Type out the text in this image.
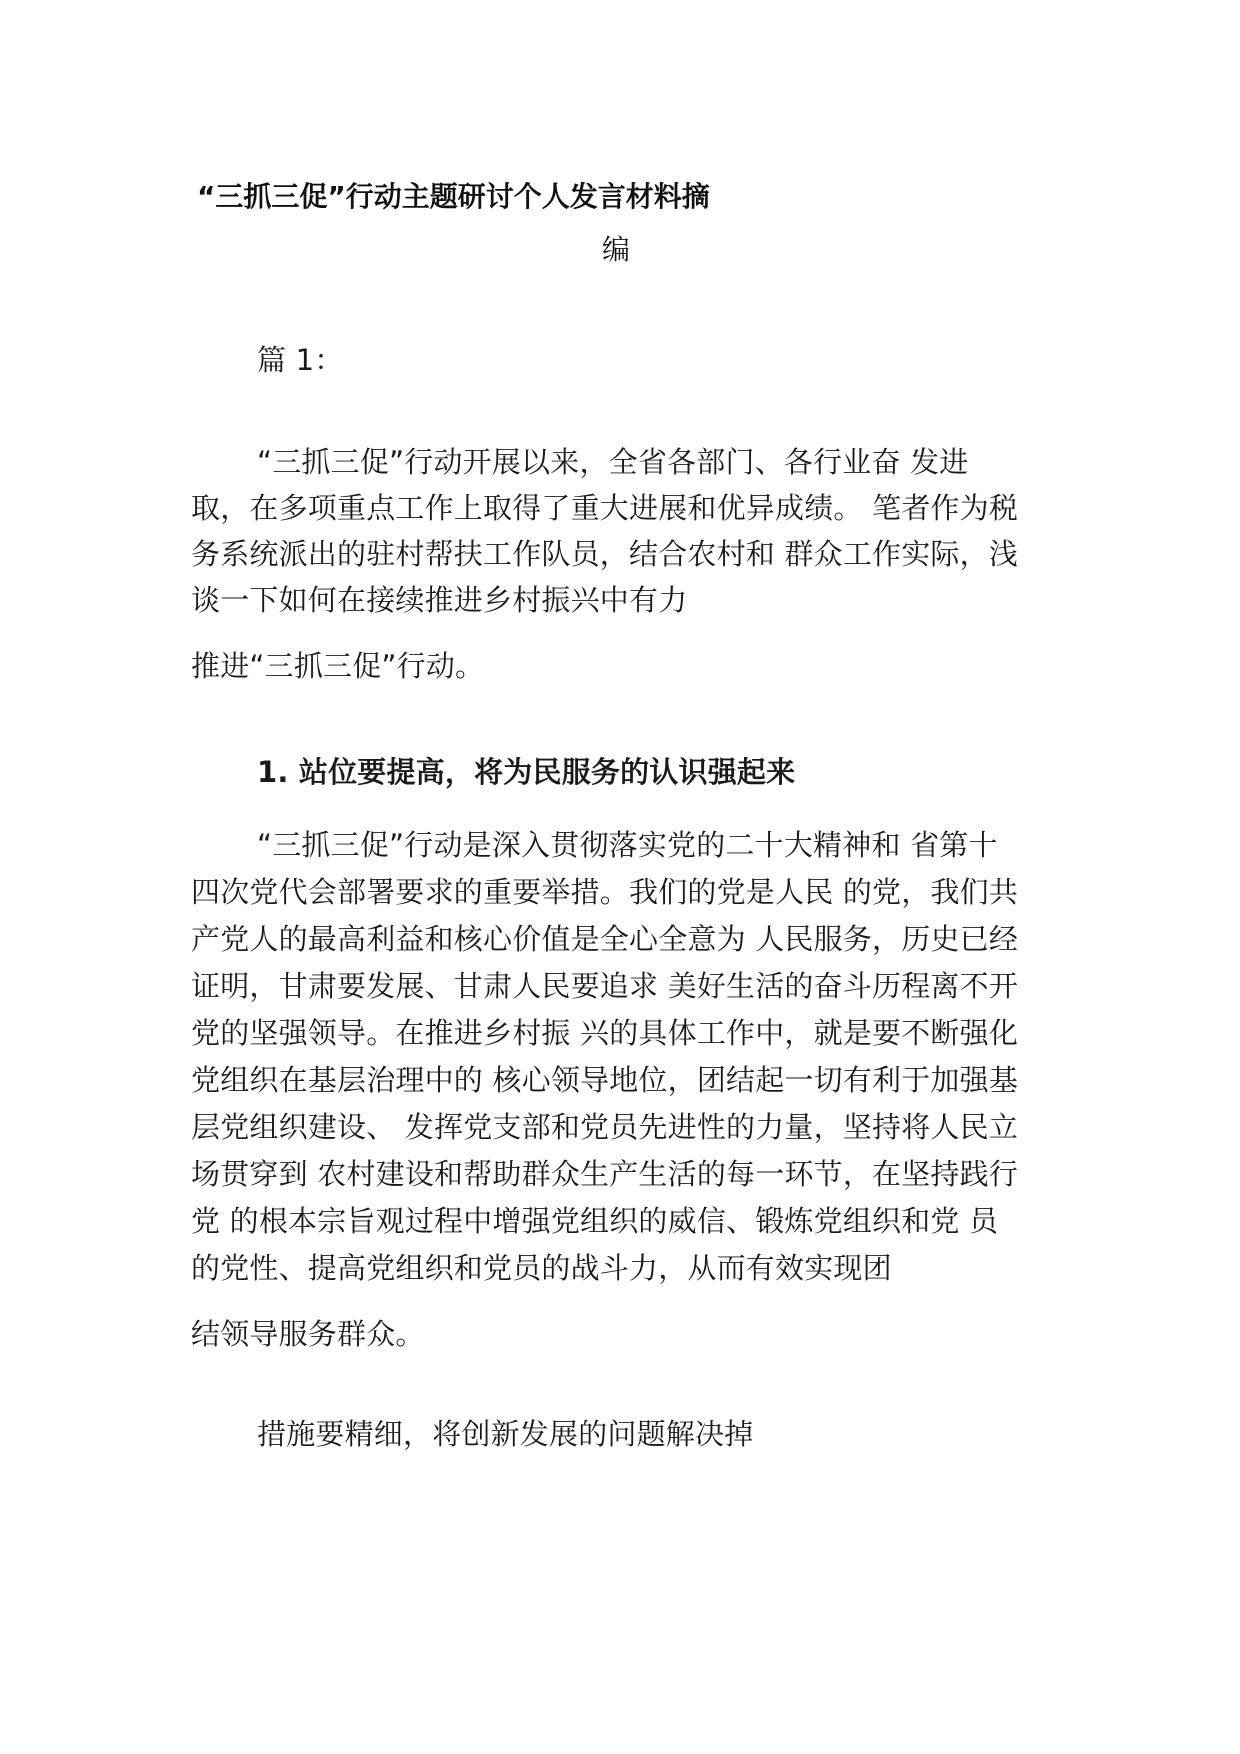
“三抓三促”行动主题研讨个人发言材料摘
编
篇 1：
“三抓三促”行动开展以来，全省各部门、各行业奋 发进
取，在多项重点工作上取得了重大进展和优异成绩。 笔者作为税
务系统派出的驻村帮扶工作队员，结合农村和 群众工作实际，浅
谈一下如何在接续推进乡村振兴中有力
推进“三抓三促”行动。
1. 站位要提高，将为民服务的认识强起来
“三抓三促”行动是深入贯彻落实党的二十大精神和 省第十
四次党代会部署要求的重要举措。我们的党是人民 的党，我们共
产党人的最高利益和核心价值是全心全意为 人民服务，历史已经
证明，甘肃要发展、甘肃人民要追求 美好生活的奋斗历程离不开
党的坚强领导。在推进乡村振 兴的具体工作中，就是要不断强化
党组织在基层治理中的 核心领导地位，团结起一切有利于加强基
层党组织建设、 发挥党支部和党员先进性的力量，坚持将人民立
场贯穿到 农村建设和帮助群众生产生活的每一环节，在坚持践行
党 的根本宗旨观过程中增强党组织的威信、锻炼党组织和党 员
的党性、提高党组织和党员的战斗力，从而有效实现团
结领导服务群众。
措施要精细，将创新发展的问题解决掉
